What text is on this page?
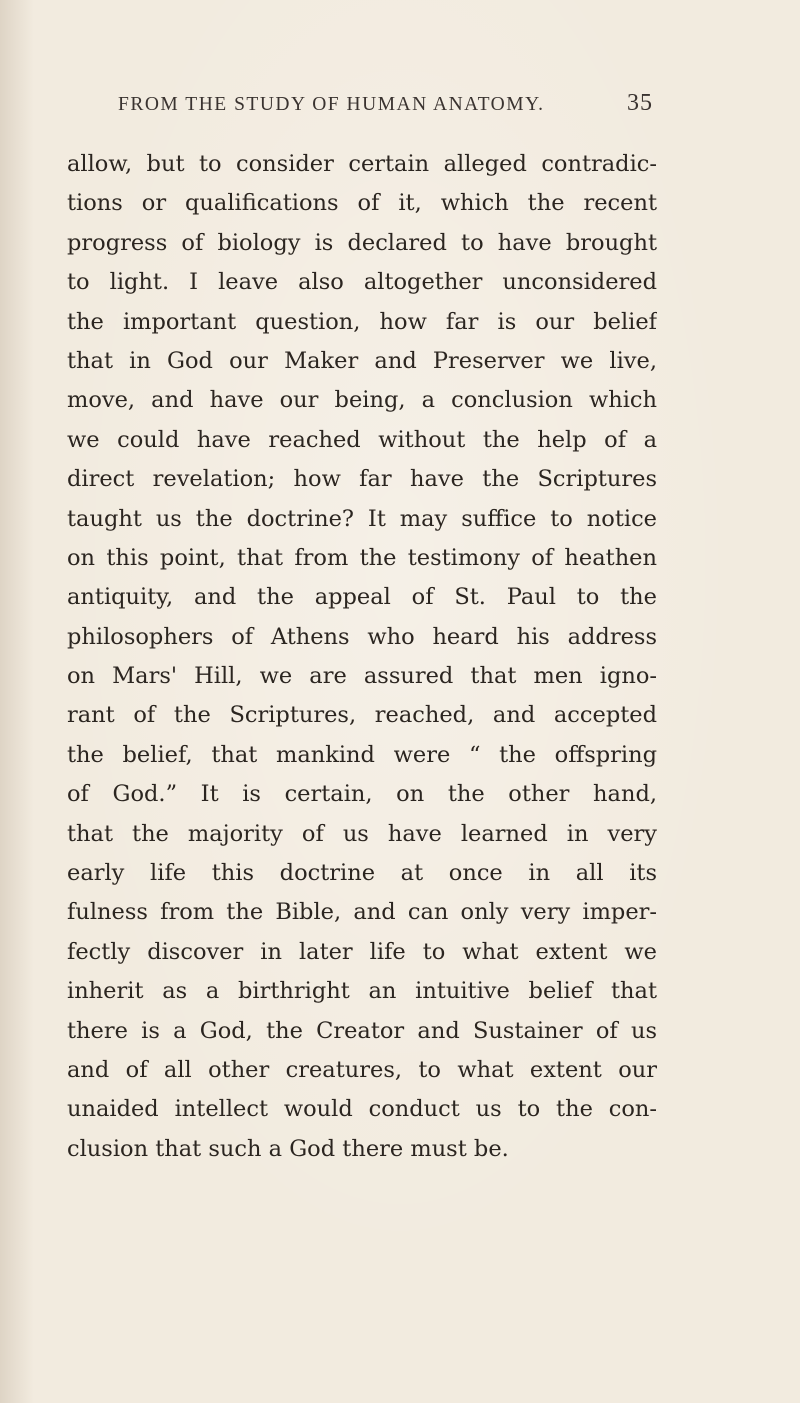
FROM THE STUDY OF HUMAN ANATOMY.	35
allow, but to consider certain alleged contradic-
tions or qualifications of it, which the recent
progress of biology is declared to have brought
to light. I leave also altogether unconsidered
the important question, how far is our belief
that in God our Maker and Preserver we live,
move, and have our being, a conclusion which
we could have reached without the help of a
direct revelation; how far have the Scriptures
taught us the doctrine? It may suffice to notice
on this point, that from the testimony of heathen
antiquity, and the appeal of St. Paul to the
philosophers of Athens who heard his address
on Mars' Hill, we are assured that men igno-
rant of the Scriptures, reached, and accepted
the belief, that mankind were “ the offspring
of God.” It is certain, on the other hand,
that the majority of us have learned in very
early life this doctrine at once in all its
fulness from the Bible, and can only very imper-
fectly discover in later life to what extent we
inherit as a birthright an intuitive belief that
there is a God, the Creator and Sustainer of us
and of all other creatures, to what extent our
unaided intellect would conduct us to the con-
clusion that such a God there must be.
